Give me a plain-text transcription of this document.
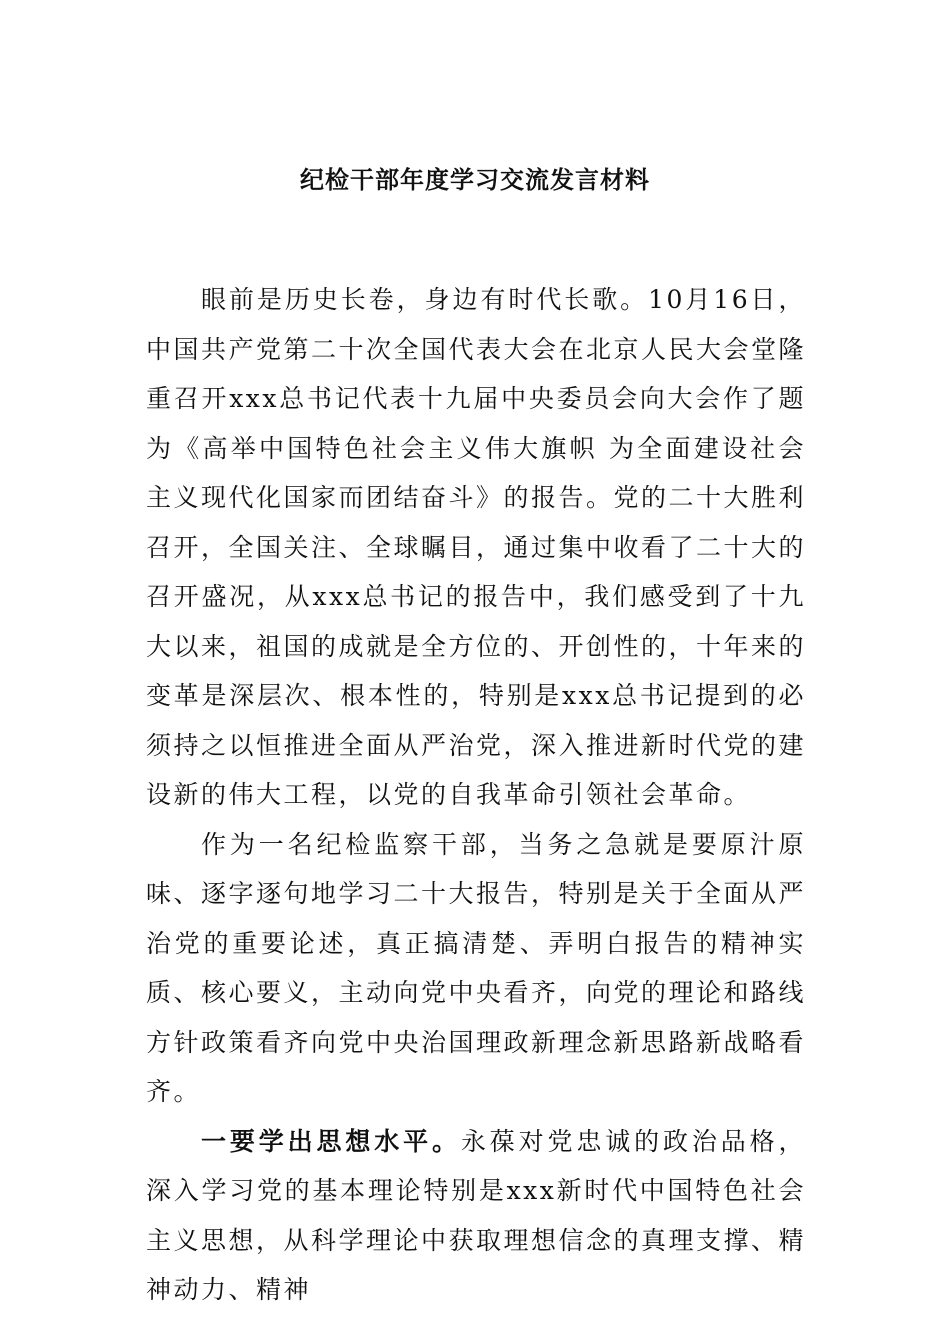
纪检干部年度学习交流发言材料

眼前是历史长卷，身边有时代长歌。10月16日，中国共产党第二十次全国代表大会在北京人民大会堂隆重召开xxx总书记代表十九届中央委员会向大会作了题为《高举中国特色社会主义伟大旗帜 为全面建设社会主义现代化国家而团结奋斗》的报告。党的二十大胜利召开，全国关注、全球瞩目，通过集中收看了二十大的召开盛况，从xxx总书记的报告中，我们感受到了十九大以来，祖国的成就是全方位的、开创性的，十年来的变革是深层次、根本性的，特别是xxx总书记提到的必须持之以恒推进全面从严治党，深入推进新时代党的建设新的伟大工程，以党的自我革命引领社会革命。

作为一名纪检监察干部，当务之急就是要原汁原味、逐字逐句地学习二十大报告，特别是关于全面从严治党的重要论述，真正搞清楚、弄明白报告的精神实质、核心要义，主动向党中央看齐，向党的理论和路线方针政策看齐向党中央治国理政新理念新思路新战略看齐。

一要学出思想水平。永葆对党忠诚的政治品格，深入学习党的基本理论特别是xxx新时代中国特色社会主义思想，从科学理论中获取理想信念的真理支撑、精神动力、精神
